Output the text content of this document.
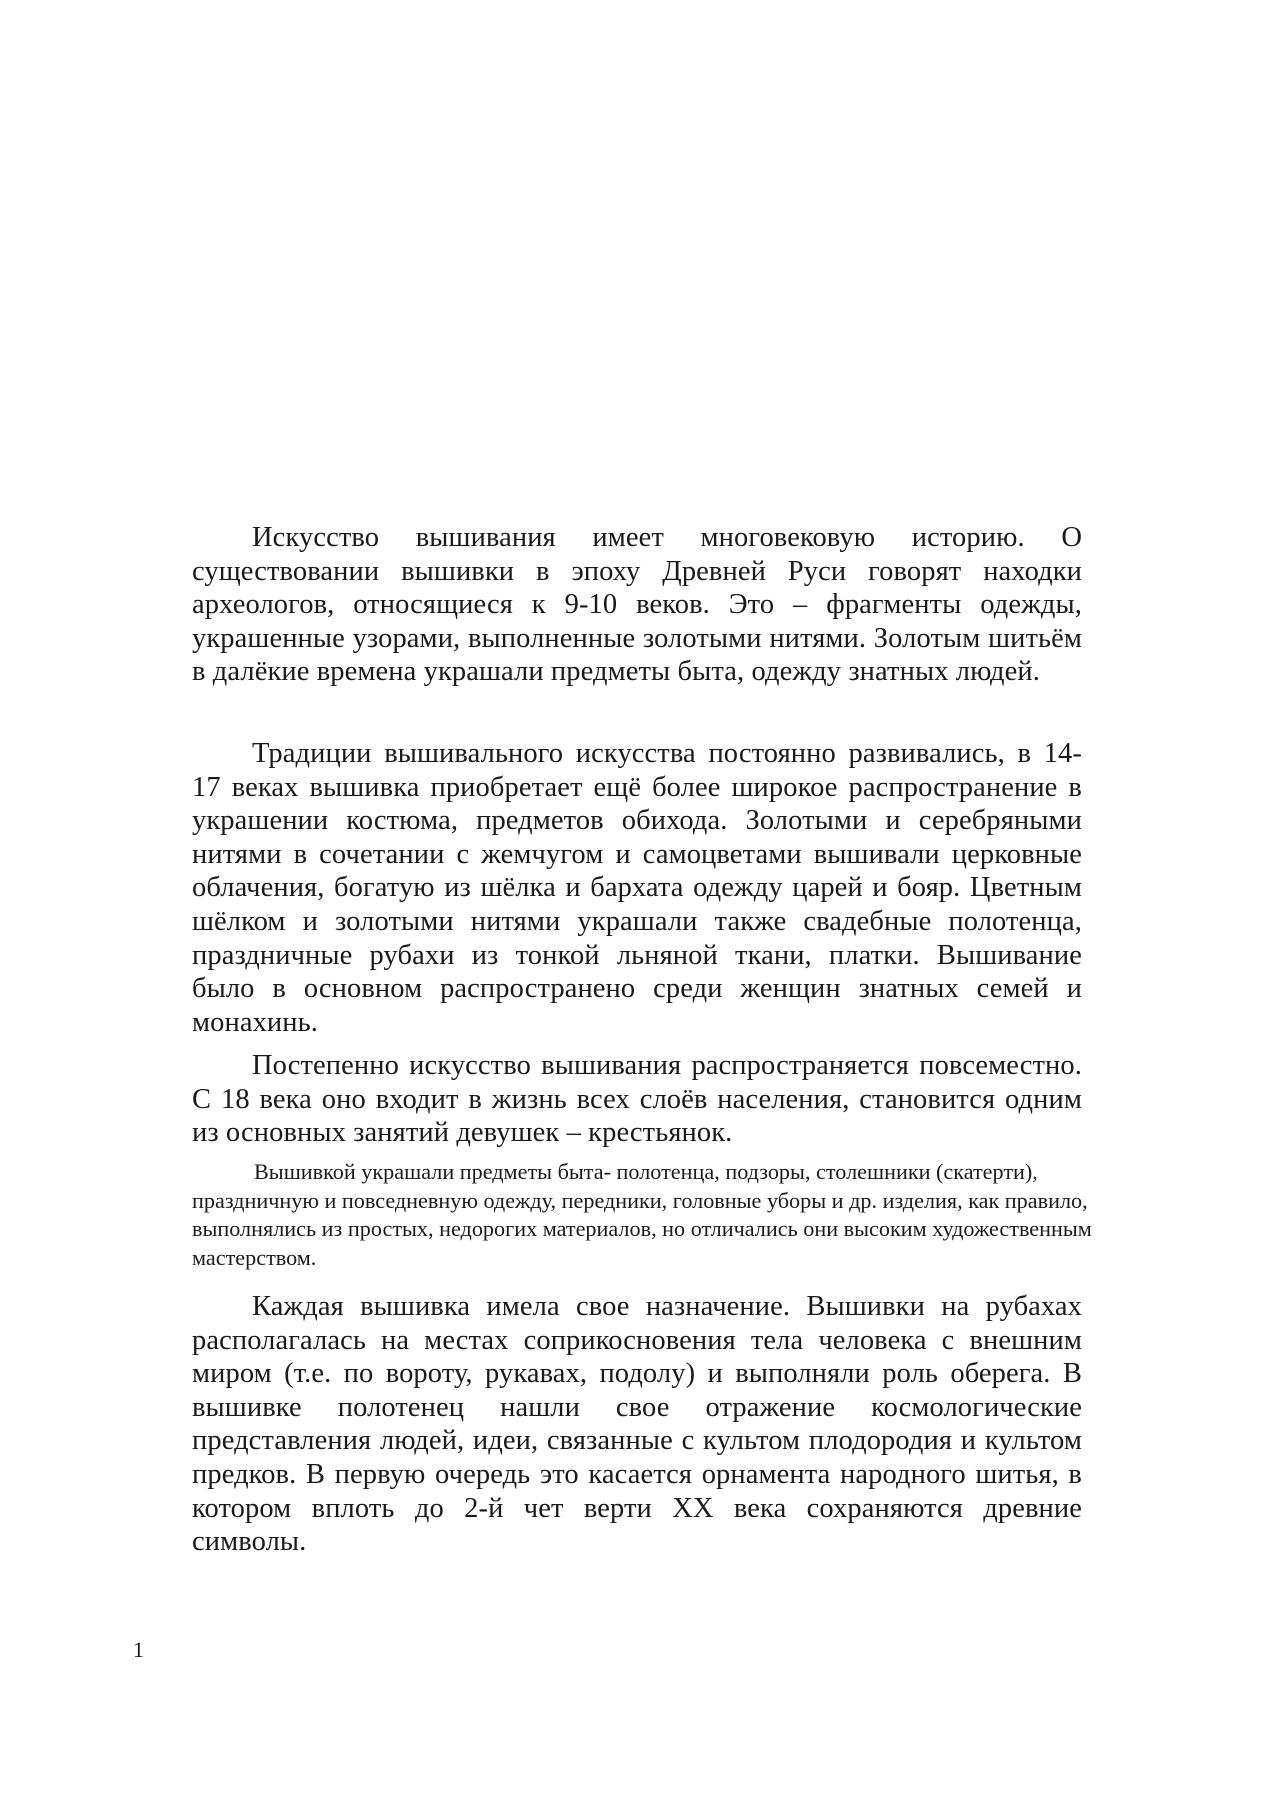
Искусство вышивания имеет многовековую историю. О существовании вышивки в эпоху Древней Руси говорят находки археологов, относящиеся к 9-10 веков. Это – фрагменты одежды, украшенные узорами, выполненные золотыми нитями. Золотым шитьём в далёкие времена украшали предметы быта, одежду знатных людей.

Традиции вышивального искусства постоянно развивались, в 14- 17 веках вышивка приобретает ещё более широкое распространение в украшении костюма, предметов обихода. Золотыми и серебряными нитями в сочетании с жемчугом и самоцветами вышивали церковные облачения, богатую из шёлка и бархата одежду царей и бояр. Цветным шёлком и золотыми нитями украшали также свадебные полотенца, праздничные рубахи из тонкой льняной ткани, платки. Вышивание было в основном распространено среди женщин знатных семей и монахинь.

Постепенно искусство вышивания распространяется повсеместно. С 18 века оно входит в жизнь всех слоёв населения, становится одним из основных занятий девушек – крестьянок.

Вышивкой украшали предметы быта- полотенца, подзоры, столешники (скатерти), праздничную и повседневную одежду, передники, головные уборы и др. изделия, как правило, выполнялись из простых, недорогих материалов, но отличались они высоким художественным мастерством.

Каждая вышивка имела свое назначение. Вышивки на рубахах располагалась на местах соприкосновения тела человека с внешним миром (т.е. по вороту, рукавах, подолу) и выполняли роль оберега. В вышивке полотенец нашли свое отражение космологические представления людей, идеи, связанные с культом плодородия и культом предков. В первую очередь это касается орнамента народного шитья, в котором вплоть до 2-й чет верти XX века сохраняются древние символы.

1
